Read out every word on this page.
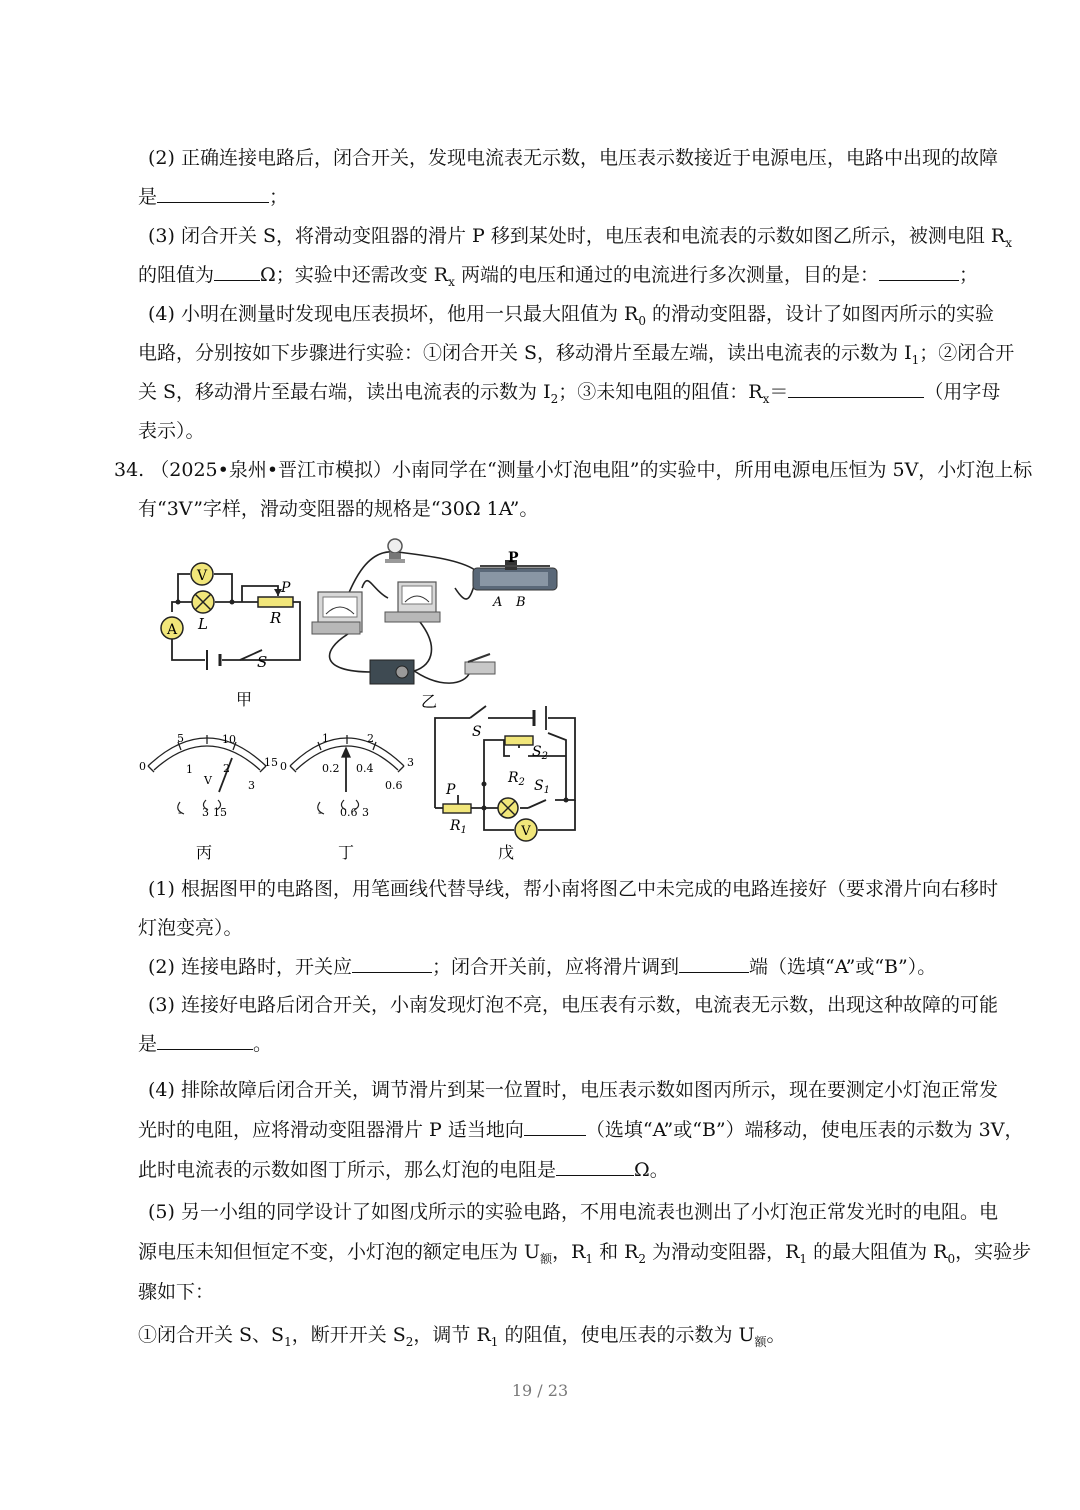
(2) 正确连接电路后，闭合开关，发现电流表无示数，电压表示数接近于电源电压，电路中出现的故障
是	；
(3) 闭合开关 S，将滑动变阻器的滑片 P 移到某处时，电压表和电流表的示数如图乙所示，被测电阻 $R_x$
的阻值为 Ω；实验中还需改变 $R_x$ 两端的电压和通过的电流进行多次测量，目的是：	；
(4) 小明在测量时发现电压表损坏，他用一只最大阻值为 $R_0$ 的滑动变阻器，设计了如图丙所示的实验
电路，分别按如下步骤进行实验：①闭合开关 S，移动滑片至最左端，读出电流表的示数为 $I_1$；②闭合开
关 S，移动滑片至最右端，读出电流表的示数为 $I_2$；③未知电阻的阻值：$R_x=$	（用字母
表示）。
34. （2025•泉州•晋江市模拟）小南同学在“测量小灯泡电阻”的实验中，所用电源电压恒为 5V，小灯泡上标
有“3V”字样，滑动变阻器的规格是“30Ω 1A”。
V
A L
P
R
S
甲
P
A B
乙
0
5	10
15
1	2
3
V
- 3 15
丙
0
1	2
3
0.2 0.4
0.6
- 0.6 3
丁
S
$S_2$
$R_2$ $S_1$
P
$R_1$	V
戊
(1) 根据图甲的电路图，用笔画线代替导线，帮小南将图乙中未完成的电路连接好（要求滑片向右移时
灯泡变亮）。
(2) 连接电路时，开关应	；闭合开关前，应将滑片调到	端（选填“A”或“B”）。
(3) 连接好电路后闭合开关，小南发现灯泡不亮，电压表有示数，电流表无示数，出现这种故障的可能
是	。
(4) 排除故障后闭合开关，调节滑片到某一位置时，电压表示数如图丙所示，现在要测定小灯泡正常发
光时的电阻，应将滑动变阻器滑片 P 适当地向	（选填“A”或“B”）端移动，使电压表的示数为 3V，
此时电流表的示数如图丁所示，那么灯泡的电阻是	Ω。
(5) 另一小组的同学设计了如图戊所示的实验电路，不用电流表也测出了小灯泡正常发光时的电阻。电
源电压未知但恒定不变，小灯泡的额定电压为 $U_额$，$R_1$ 和 $R_2$ 为滑动变阻器，$R_1$ 的最大阻值为 $R_0$，实验步
骤如下：
①闭合开关 S、$S_1$，断开开关 $S_2$，调节 $R_1$ 的阻值，使电压表的示数为 $U_额$。
19 / 23
